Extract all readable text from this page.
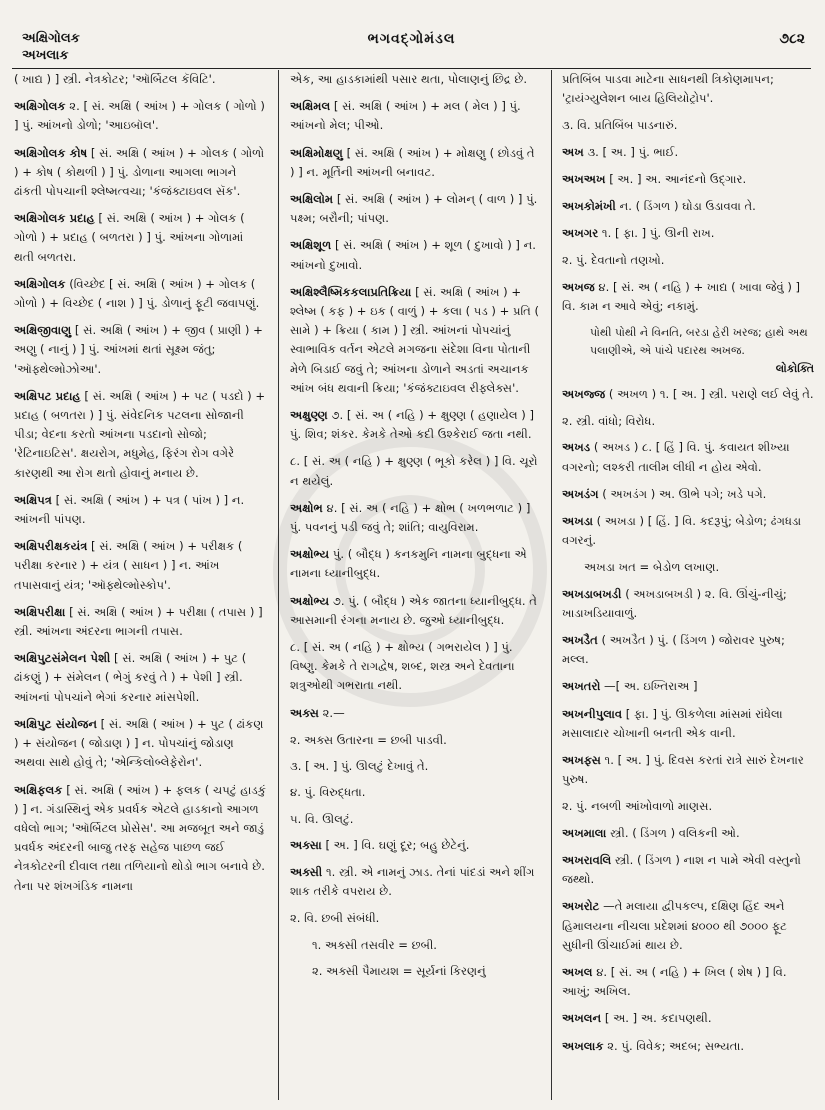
અક્ષિગોલક
અખલાક
ભગવદ્ગોમંડલ	૭૮૨

( ખાદ્ય ) ] સ્ત્રી. નેત્રકોટર; 'ઑર્બિટલ કૅવિટિ'.

અક્ષિગોલક ૨. [ સં. અક્ષિ ( આંખ ) + ગોલક ( ગોળો ) ] પું. આંખનો ડોળો; 'આઇબૉલ'.

અક્ષિગોલક કોષ [ સં. અક્ષિ ( આંખ ) + ગોલક ( ગોળો ) + કોષ ( કોથળી ) ] પું. ડોળાના આગલા ભાગને ઢાંકતી પોપચાની શ્લેષ્મત્વચા; 'કંજંક્ટાઇવલ સૅક'.

અક્ષિગોલક પ્રદાહ [ સં. અક્ષિ ( આંખ ) + ગોલક ( ગોળો ) + પ્રદાહ ( બળતરા ) ] પું. આંખના ગોળામાં થતી બળતરા.

અક્ષિગોલક (વિચ્છેદ [ સં. અક્ષિ ( આંખ ) + ગોલક ( ગોળો ) + વિચ્છેદ ( નાશ ) ] પું. ડોળાનું ફૂટી જવાપણું.

અક્ષિજીવાણુ [ સં. અક્ષિ ( આંખ ) + જીવ ( પ્રાણી ) + અણુ ( નાનું ) ] પું. આંખમાં થતાં સૂક્ષ્મ જંતુ; 'ઑફ્થેલ્મોઝોઆ'.

અક્ષિપટ પ્રદાહ [ સં. અક્ષિ ( આંખ ) + પટ ( પડદો ) + પ્રદાહ ( બળતરા ) ] પું. સંવેદનિક પટલના સોજાની પીડા; વેદના કરતો આંખના પડદાનો સોજો; 'રેટિનાઇટિસ'. ક્ષયરોગ, મધુમેહ, ફિરંગ રોગ વગેરે કારણથી આ રોગ થતો હોવાનું મનાય છે.

અક્ષિપત્ર [ સં. અક્ષિ ( આંખ ) + પત્ર ( પાંખ ) ] ન. આંખની પાંપણ.

અક્ષિપરીક્ષકયંત્ર [ સં. અક્ષિ ( આંખ ) + પરીક્ષક ( પરીક્ષા કરનાર ) + યંત્ર ( સાધન ) ] ન. આંખ તપાસવાનું યંત્ર; 'ઑફ્થેલ્મોસ્કોપ'.

અક્ષિપરીક્ષા [ સં. અક્ષિ ( આંખ ) + પરીક્ષા ( તપાસ ) ] સ્ત્રી. આંખના અંદરના ભાગની તપાસ.

અક્ષિપુટસંમેલન પેશી [ સં. અક્ષિ ( આંખ ) + પુટ ( ઢાંકણું ) + સંમેલન ( ભેગું કરવું તે ) + પેશી ] સ્ત્રી. આંખનાં પોપચાંને ભેગાં કરનાર માંસપેશી.

અક્ષિપુટ સંયોજન [ સં. અક્ષિ ( આંખ ) + પુટ ( ઢાંકણ ) + સંયોજન ( જોડાણ ) ] ન. પોપચાંનું જોડાણ અથવા સાથે હોવું તે; 'એન્કિલોબ્લેફેરોન'.

અક્ષિફલક [ સં. અક્ષિ ( આંખ ) + ફલક ( ચપટું હાડકું ) ] ન. ગંડાસ્થિનું એક પ્રવર્ધક એટલે હાડકાનો આગળ વધેલો ભાગ; 'ઑર્બિટલ પ્રોસેસ'. આ મજબૂત અને જાડું પ્રવર્ધક અંદરની બાજુ તરફ સહેજ પાછળ જઈ નેત્રકોટરની દીવાલ તથા તળિયાનો થોડો ભાગ બનાવે છે. તેના પર શંખગંડિક નામના

એક, આ હાડકામાંથી પસાર થતા, પોલાણનું છિદ્ર છે.

અક્ષિમલ [ સં. અક્ષિ ( આંખ ) + મલ ( મેલ ) ] પું. આંખનો મેલ; પીઓ.

અક્ષિમોક્ષણુ [ સં. અક્ષિ ( આંખ ) + મોક્ષણુ ( છોડવું તે ) ] ન. મૂર્તિની આંખની બનાવટ.

અક્ષિલોમ [ સં. અક્ષિ ( આંખ ) + લોમન્ ( વાળ ) ] પું. પક્ષ્મ; બરૌની; પાંપણ.

અક્ષિશૂળ [ સં. અક્ષિ ( આંખ ) + શૂળ ( દુખાવો ) ] ન. આંખનો દુખાવો.

અક્ષિશ્લૈષ્મિકકલાપ્રતિક્રિયા [ સં. અક્ષિ ( આંખ ) + શ્લેષ્મ ( કફ ) + ઇક ( વાળું ) + કલા ( પડ ) + પ્રતિ ( સામે ) + ક્રિયા ( કામ ) ] સ્ત્રી. આંખનાં પોપચાંનું સ્વાભાવિક વર્તન એટલે મગજના સંદેશા વિના પોતાની મેળે બિડાઈ જવું તે; આંખના ડોળાને અડતાં અચાનક આંખ બંધ થવાની ક્રિયા; 'કંજંક્ટાઇવલ રીફ્લેક્સ'.

અક્ષુણ્ણ ૭. [ સં. અ ( નહિ ) + ક્ષુણ્ણ ( હણાયેલ ) ] પું. શિવ; શંકર. કેમકે તેઓ કદી ઉશ્કેરાઈ જતા નથી.

૮. [ સં. અ ( નહિ ) + ક્ષુણ્ણ ( ભૂકો કરેલ ) ] વિ. ચૂરો ન થયેલું.

અક્ષોભ ૪. [ સં. અ ( નહિ ) + ક્ષોભ ( ખળભળાટ ) ] પું. પવનનું પડી જવું તે; શાંતિ; વાયુવિરામ.

અક્ષોભ્ય પું. ( બૌદ્ધ ) કનકમુનિ નામના બુદ્ધના એ નામના ધ્યાનીબુદ્ધ.

અક્ષોભ્ય ૭. પું. ( બૌદ્ધ ) એક જાતના ધ્યાનીબુદ્ધ. તે આસમાની રંગના મનાય છે. જુઓ ધ્યાનીબુદ્ધ.

૮. [ સં. અ ( નહિ ) + ક્ષોભ્ય ( ગભરાયેલ ) ] પું. વિષ્ણુ. કેમકે તે રાગદ્વેષ, શબ્દ, શસ્ત્ર અને દેવતાના શત્રુઓથી ગભરાતા નથી.

અક્સ ૨.—

૨. અક્સ ઉતારના = છબી પાડવી.

૩. [ અ. ] પું. ઊલટું દેખાવું તે.

૪. પું. વિરુદ્ધતા.

૫. વિ. ઊલટું.

અક્સા [ અ. ] વિ. ઘણું દૂર; બહુ છેટેનું.

અક્સી ૧. સ્ત્રી. એ નામનું ઝાડ. તેનાં પાંદડાં અને શીંગ શાક તરીકે વપરાય છે.

૨. વિ. છબી સંબંધી.

૧. અક્સી તસવીર = છબી.

૨. અક્સી પૈમાયશ = સૂર્યનાં કિરણનું

પ્રતિબિંબ પાડવા માટેના સાધનથી ત્રિકોણમાપન; 'ટ્રાયંગ્યુલેશન બાય હિલિયોટ્રોપ'.

૩. વિ. પ્રતિબિંબ પાડનારું.

અખ ૩. [ અ. ] પું. ભાઈ.

અખઅખ [ અ. ] અ. આનંદનો ઉદ્ગાર.

અખકોમંખી ન. ( ડિંગળ ) ઘોડા ઉડાવવા તે.

અખગર ૧. [ ફા. ] પું. ઊની રાખ.

૨. પું. દેવતાનો તણખો.

અખજ ૪. [ સં. અ ( નહિ ) + ખાદ્ય ( ખાવા જેવું ) ] વિ. કામ ન આવે એવું; નકામું.

પોથી પોથી ને વિનતિ, બરડા હેરી ખરજ; હાથે અથ પલાણીએ, એ પાંચે પદારથ અખજ.
લોકોક્તિ

અખજ્જ ( અખળ ) ૧. [ અ. ] સ્ત્રી. પરાણે લઈ લેવું તે.

૨. સ્ત્રી. વાંધો; વિરોધ.

અખડ ( અખડ ) ૮. [ હિં ] વિ. પું. કવાયત શીખ્યા વગરનો; લશ્કરી તાલીમ લીધી ન હોય એવો.

અખડંગ ( અખડંગ ) અ. ઊભે પગે; ખડે પગે.

અખડા ( અખડા ) [ હિં. ] વિ. કદરૂપું; બેડોળ; ઢંગધડા વગરનું.

અખડા ખત = બેડોળ લખાણ.

અખડાબખડી ( અખડાબખડી ) ૨. વિ. ઊંચું-નીચું; ખાડાખડિયાવાળું.

અખડૈત ( અખડૈત ) પું. ( ડિંગળ ) જોરાવર પુરુષ; મલ્લ.

અખતરો —[ અ. ઇખ્તિરાઅ ]

અખનીપુલાવ [ ફા. ] પું. ઊકળેલા માંસમાં રાંધેલા મસાલાદાર ચોખાની બનતી એક વાની.

અખફ્સ ૧. [ અ. ] પું. દિવસ કરતાં રાત્રે સારું દેખનાર પુરુષ.

૨. પું. નબળી આંખોવાળો માણસ.

અખમાલા સ્ત્રી. ( ડિંગળ ) વલિકની ઓ.

અખરાવલિ સ્ત્રી. ( ડિંગળ ) નાશ ન પામે એવી વસ્તુનો જથ્થો.

અખરોટ —તે મલાયા દ્વીપકલ્પ, દક્ષિણ હિંદ અને હિમાલયના નીચલા પ્રદેશમાં ૪૦૦૦ થી ૭૦૦૦ ફૂટ સુધીની ઊંચાઈમાં થાય છે.

અખલ ૪. [ સં. અ ( નહિ ) + ખિલ ( શેષ ) ] વિ. આખું; અખિલ.

અખલન [ અ. ] અ. કદાપણથી.

અખલાક ૨. પું. વિવેક; અદબ; સભ્યતા.
